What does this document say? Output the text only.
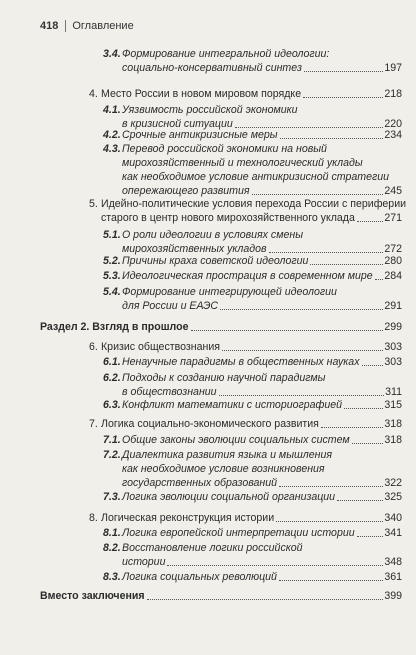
418 Оглавление
3.4. Формирование интегральной идеологии:
социально-консервативный синтез	197
4. Место России в новом мировом порядке	218
4.1. Уязвимость российской экономики
в кризисной ситуации	220
4.2. Срочные антикризисные меры	234
4.3. Перевод российской экономики на новый
мирохозяйственный и технологический уклады
как необходимое условие антикризисной стратегии
опережающего развития	245
5. Идейно-политические условия перехода России с периферии
старого в центр нового мирохозяйственного уклада	271
5.1. О роли идеологии в условиях смены
мирохозяйственных укладов	272
5.2. Причины краха советской идеологии	280
5.3. Идеологическая прострация в современном мире 284
5.4. Формирование интегрирующей идеологии
для России и ЕАЭС	291
Раздел 2. Взгляд в прошлое	299
6. Кризис обществознания	303
6.1. Ненаучные парадигмы в общественных науках 303
6.2. Подходы к созданию научной парадигмы
в обществознании	311
6.3. Конфликт математики с историографией	315
7. Логика социально-экономического развития	318
7.1. Общие законы эволюции социальных систем	318
7.2. Диалектика развития языка и мышления
как необходимое условие возникновения
государственных образований	322
7.3. Логика эволюции социальной организации	325
8. Логическая реконструкция истории	340
8.1. Логика европейской интерпретации истории	341
8.2. Восстановление логики российской
истории	348
8.3. Логика социальных революций	361
Вместо заключения	399
